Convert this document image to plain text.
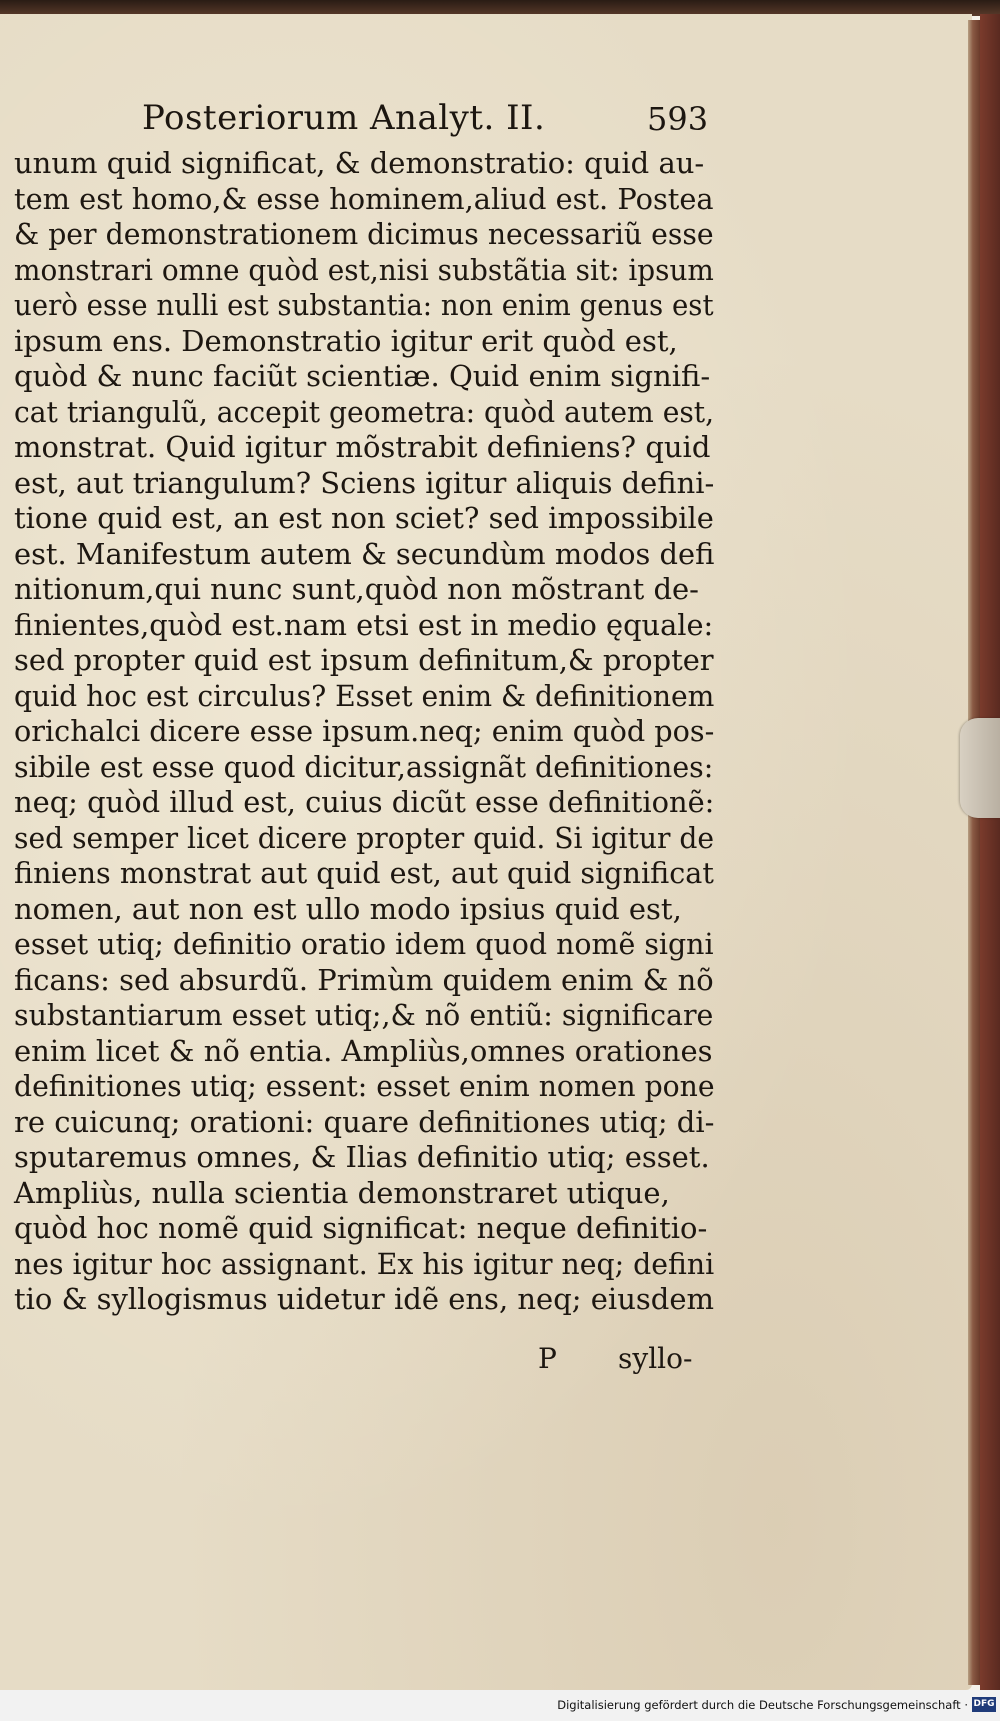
Posteriorum Analyt. II.	593
unum quid significat, & demonstratio: quid au-
tem est homo,& esse hominem,aliud est. Postea
& per demonstrationem dicimus necessariũ esse
monstrari omne quòd est,nisi substãtia sit: ipsum
uerò esse nulli est substantia: non enim genus est
ipsum ens. Demonstratio igitur erit quòd est,
quòd & nunc faciũt scientiæ. Quid enim signifi-
cat triangulũ, accepit geometra: quòd autem est,
monstrat. Quid igitur mõstrabit definiens? quid
est, aut triangulum? Sciens igitur aliquis defini-
tione quid est, an est non sciet? sed impossibile
est. Manifestum autem & secundùm modos defi
nitionum,qui nunc sunt,quòd non mõstrant de-
finientes,quòd est.nam etsi est in medio ęquale:
sed propter quid est ipsum definitum,& propter
quid hoc est circulus? Esset enim & definitionem
orichalci dicere esse ipsum.neq; enim quòd pos-
sibile est esse quod dicitur,assignãt definitiones:
neq; quòd illud est, cuius dicũt esse definitionẽ:
sed semper licet dicere propter quid. Si igitur de
finiens monstrat aut quid est, aut quid significat
nomen, aut non est ullo modo ipsius quid est,
esset utiq; definitio oratio idem quod nomẽ signi
ficans: sed absurdũ. Primùm quidem enim & nõ
substantiarum esset utiq;,& nõ entiũ: significare
enim licet & nõ entia. Ampliùs,omnes orationes
definitiones utiq; essent: esset enim nomen pone
re cuicunq; orationi: quare definitiones utiq; di-
sputaremus omnes, & Ilias definitio utiq; esset.
Ampliùs, nulla scientia demonstraret utique,
quòd hoc nomẽ quid significat: neque definitio-
nes igitur hoc assignant. Ex his igitur neq; defini
tio & syllogismus uidetur idẽ ens, neq; eiusdem
P syllo-
Digitalisierung gefördert durch die Deutsche Forschungsgemeinschaft · DFG
